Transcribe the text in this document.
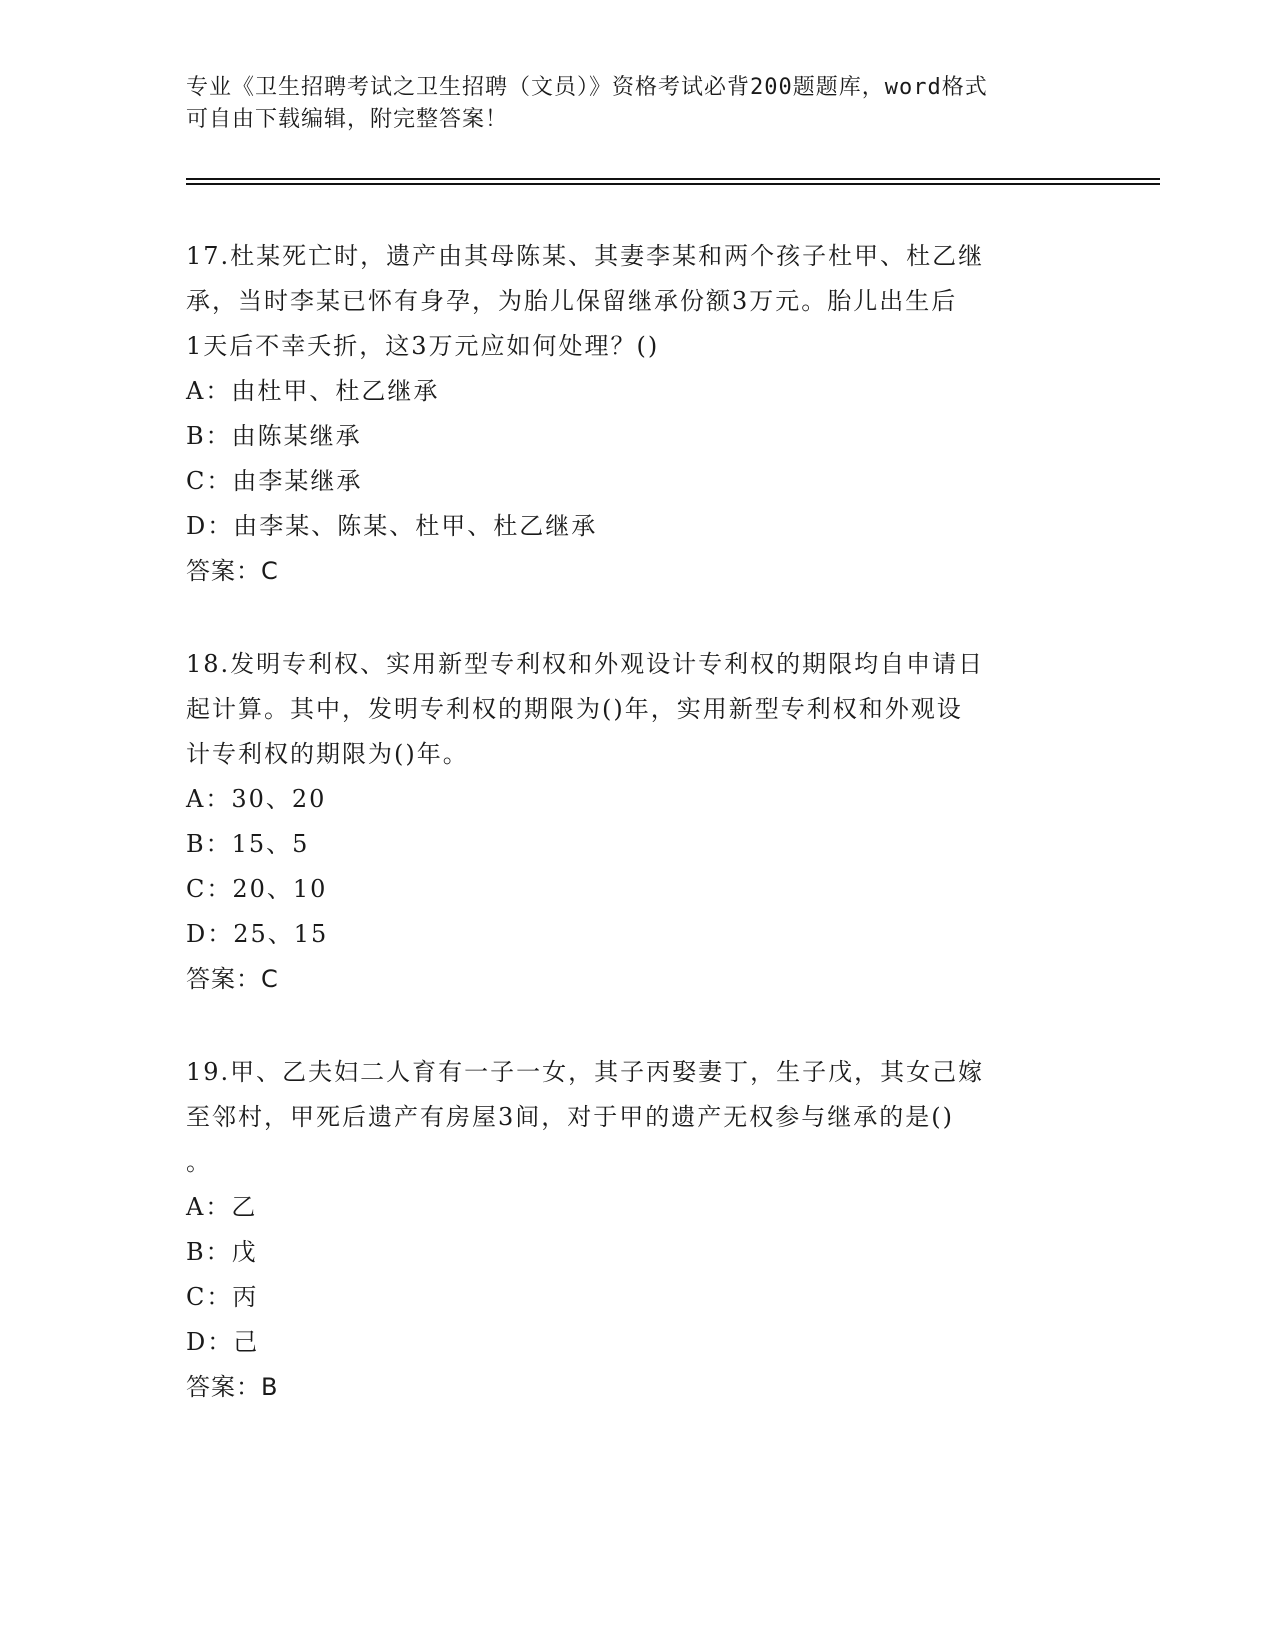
专业《卫生招聘考试之卫生招聘（文员）》资格考试必背200题题库，word格式
可自由下载编辑，附完整答案！

17.杜某死亡时，遗产由其母陈某、其妻李某和两个孩子杜甲、杜乙继

承，当时李某已怀有身孕，为胎儿保留继承份额3万元。胎儿出生后

1天后不幸夭折，这3万元应如何处理？()

A：由杜甲、杜乙继承

B：由陈某继承

C：由李某继承

D：由李某、陈某、杜甲、杜乙继承

答案：C

18.发明专利权、实用新型专利权和外观设计专利权的期限均自申请日

起计算。其中，发明专利权的期限为()年，实用新型专利权和外观设

计专利权的期限为()年。

A：30、20

B：15、5

C：20、10

D：25、15

答案：C

19.甲、乙夫妇二人育有一子一女，其子丙娶妻丁，生子戊，其女己嫁

至邻村，甲死后遗产有房屋3间，对于甲的遗产无权参与继承的是()

。

A：乙

B：戊

C：丙

D：己

答案：B
